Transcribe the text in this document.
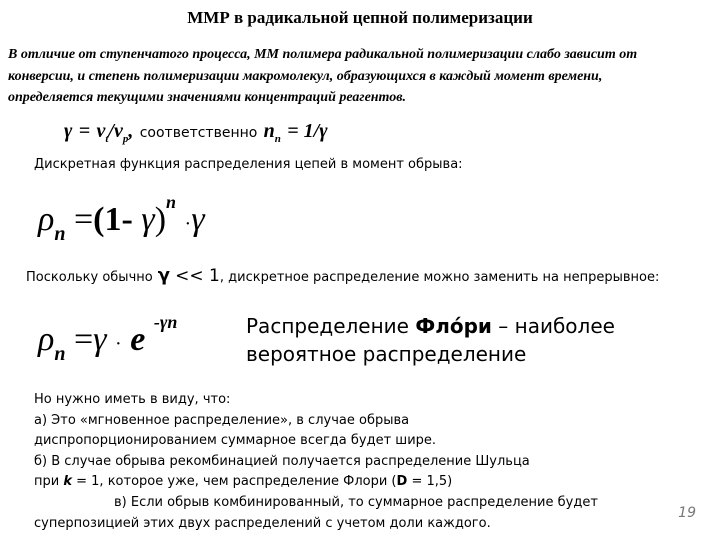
ММР в радикальной цепной полимеризации
В отличие от ступенчатого процесса, ММ полимера радикальной полимеризации слабо зависит от конверсии, и степень полимеризации макромолекул, образующихся в каждый момент времени, определяется текущими значениями концентраций реагентов.
$\gamma = \nu_t/\nu_p$, соответственно $n_n = 1/\gamma$
Дискретная функция распределения цепей в момент обрыва:
$\rho_n =(1-$ γ)$^n$ ·γ
Поскольку обычно γ << 1, дискретное распределение можно заменить на непрерывное:
$\rho_n =\gamma \cdot e$ $^{-\gamma n}$	Распределение Фло́ри – наиболее
вероятное распределение
Но нужно иметь в виду, что:
а) Это «мгновенное распределение», в случае обрыва
диспропорционированием суммарное всегда будет шире.
б) В случае обрыва рекомбинацией получается распределение Шульца
при k = 1, которое уже, чем распределение Флори (D = 1,5)
в) Если обрыв комбинированный, то суммарное распределение будет
суперпозицией этих двух распределений с учетом доли каждого.
19
